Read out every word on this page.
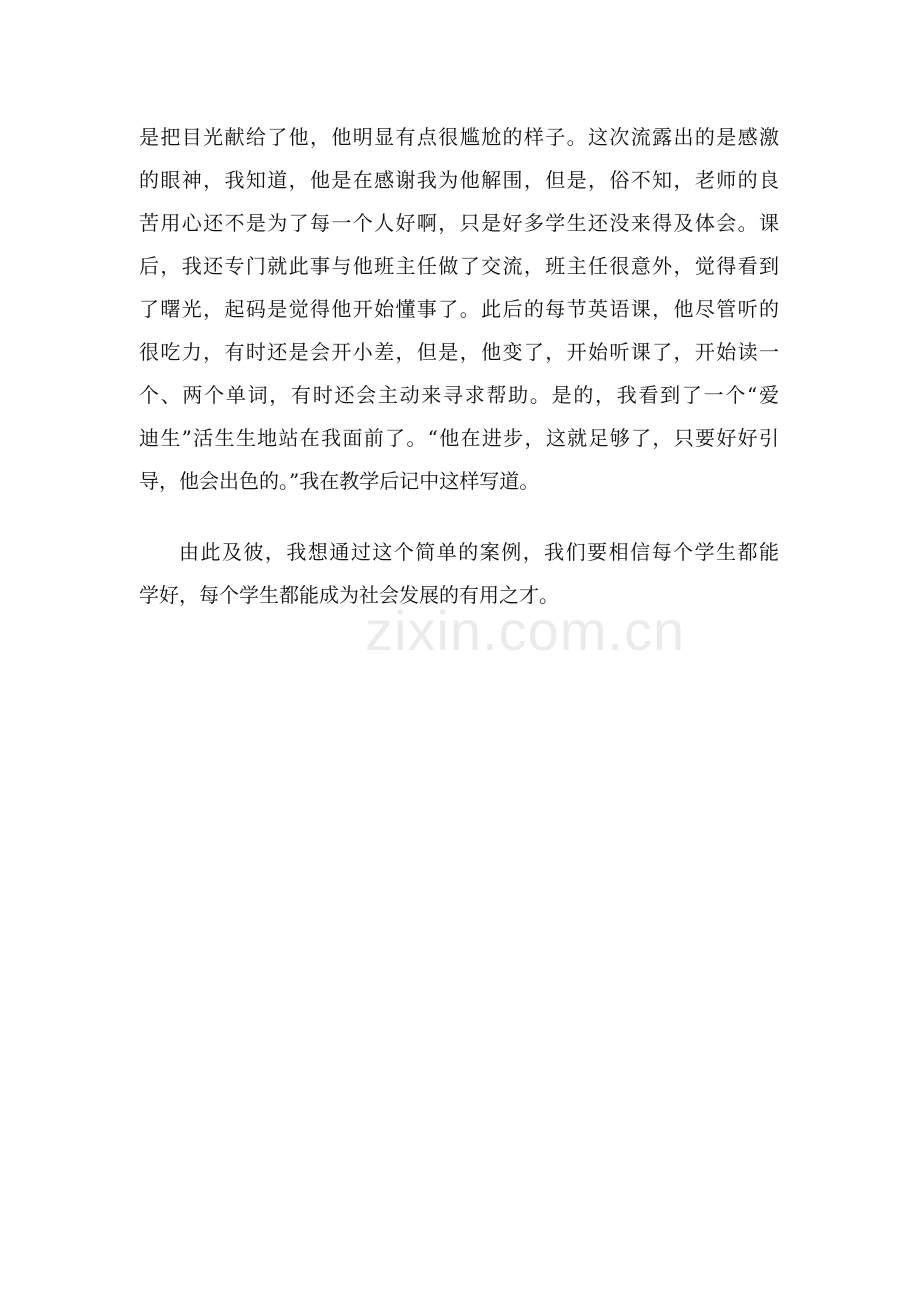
是把目光献给了他，他明显有点很尴尬的样子。这次流露出的是感激
的眼神，我知道，他是在感谢我为他解围，但是，俗不知，老师的良
苦用心还不是为了每一个人好啊，只是好多学生还没来得及体会。课
后，我还专门就此事与他班主任做了交流，班主任很意外，觉得看到
了曙光，起码是觉得他开始懂事了。此后的每节英语课，他尽管听的
很吃力，有时还是会开小差，但是，他变了，开始听课了，开始读一
个、两个单词，有时还会主动来寻求帮助。是的，我看到了一个“爱
迪生”活生生地站在我面前了。“他在进步，这就足够了，只要好好引
导，他会出色的。”我在教学后记中这样写道。
由此及彼，我想通过这个简单的案例，我们要相信每个学生都能
学好，每个学生都能成为社会发展的有用之才。
zixin.com.cn
